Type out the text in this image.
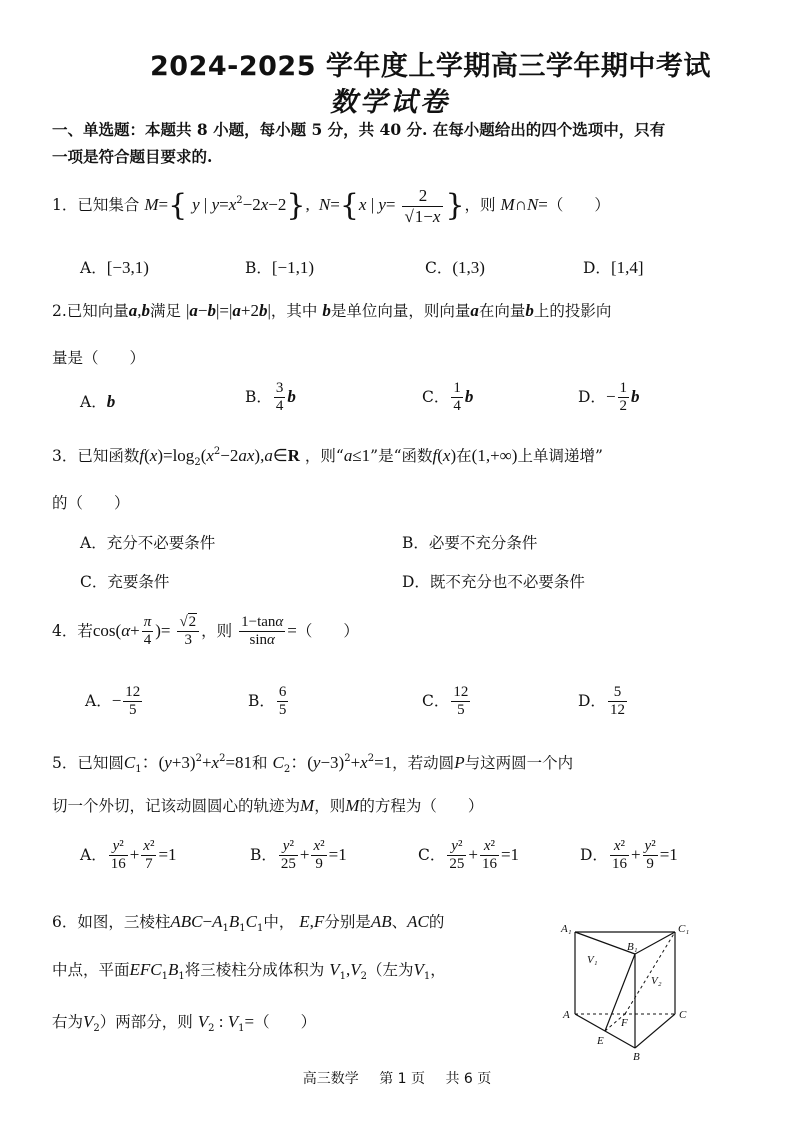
2024-2025 学年度上学期高三学年期中考试
数学试卷
一、单选题：本题共 8 小题，每小题 5 分，共 40 分. 在每小题给出的四个选项中，只有
一项是符合题目要求的.
1．已知集合 M={ y | $y=x^2-2x-2$},  N={x | $y= \frac{2}{√1-x}$ }，则 M∩N=（　　）
A．[−3,1)	B．[−1,1)	C．(1,3)	D．[1,4]
2.已知向量a,b满足 |a−b|=|a+2b|，其中 b是单位向量，则向量a在向量b上的投影向
量是（　　）
A．b	B． $\frac{3}{4}$ b	C． $\frac{1}{4}$ b	D．− $\frac{1}{2}$ b
3．已知函数$f(x)=\log_2(x^2-2ax),a\in R$ ，则“a≤1”是“函数f(x)在(1,+∞)上单调递增”
的（　　）
A．充分不必要条件	B．必要不充分条件
C．充要条件	D．既不充分也不必要条件
4．若$\cos(\alpha+ \frac{\pi}{4}$ )= $\frac{√2}{3}$ ，则 $\frac{1-\tan\alpha}{\sin\alpha}$ =（　　）
A．− $\frac{12}{5}$	B． $\frac{6}{5}$	C． $\frac{12}{5}$	D． $\frac{5}{12}$
5．已知圆$C_1$：$(y+3)^2+x^2=81$和 $C_2$：$(y-3)^2+x^2=1$，若动圆P与这两圆一个内
切一个外切，记该动圆圆心的轨迹为M，则M的方程为（　　）
A． $\frac{\text{y²}}{16} + \frac{\text{x²}}{7} =1$	B． $\frac{\text{y²}}{25} + \frac{\text{x²}}{9} =1$	C． $\frac{\text{y²}}{25} + \frac{\text{x²}}{16} =1$	D． $\frac{\text{x²}}{16} + \frac{\text{y²}}{9} =1$
6．如图，三棱柱$ABC-A_1B_1C_1$中， E,F分别是AB、AC的
中点，平面$EFC_1B_1$将三棱柱分成体积为 $V_1,V_2$（左为$V_1$，
右为$V_2$）两部分，则 $V_2$ : $V_1=$（　　）
A₁
B₁
C₁
A
B
C
E
F
V₁
V₂
高三数学 第 1 页 共 6 页
